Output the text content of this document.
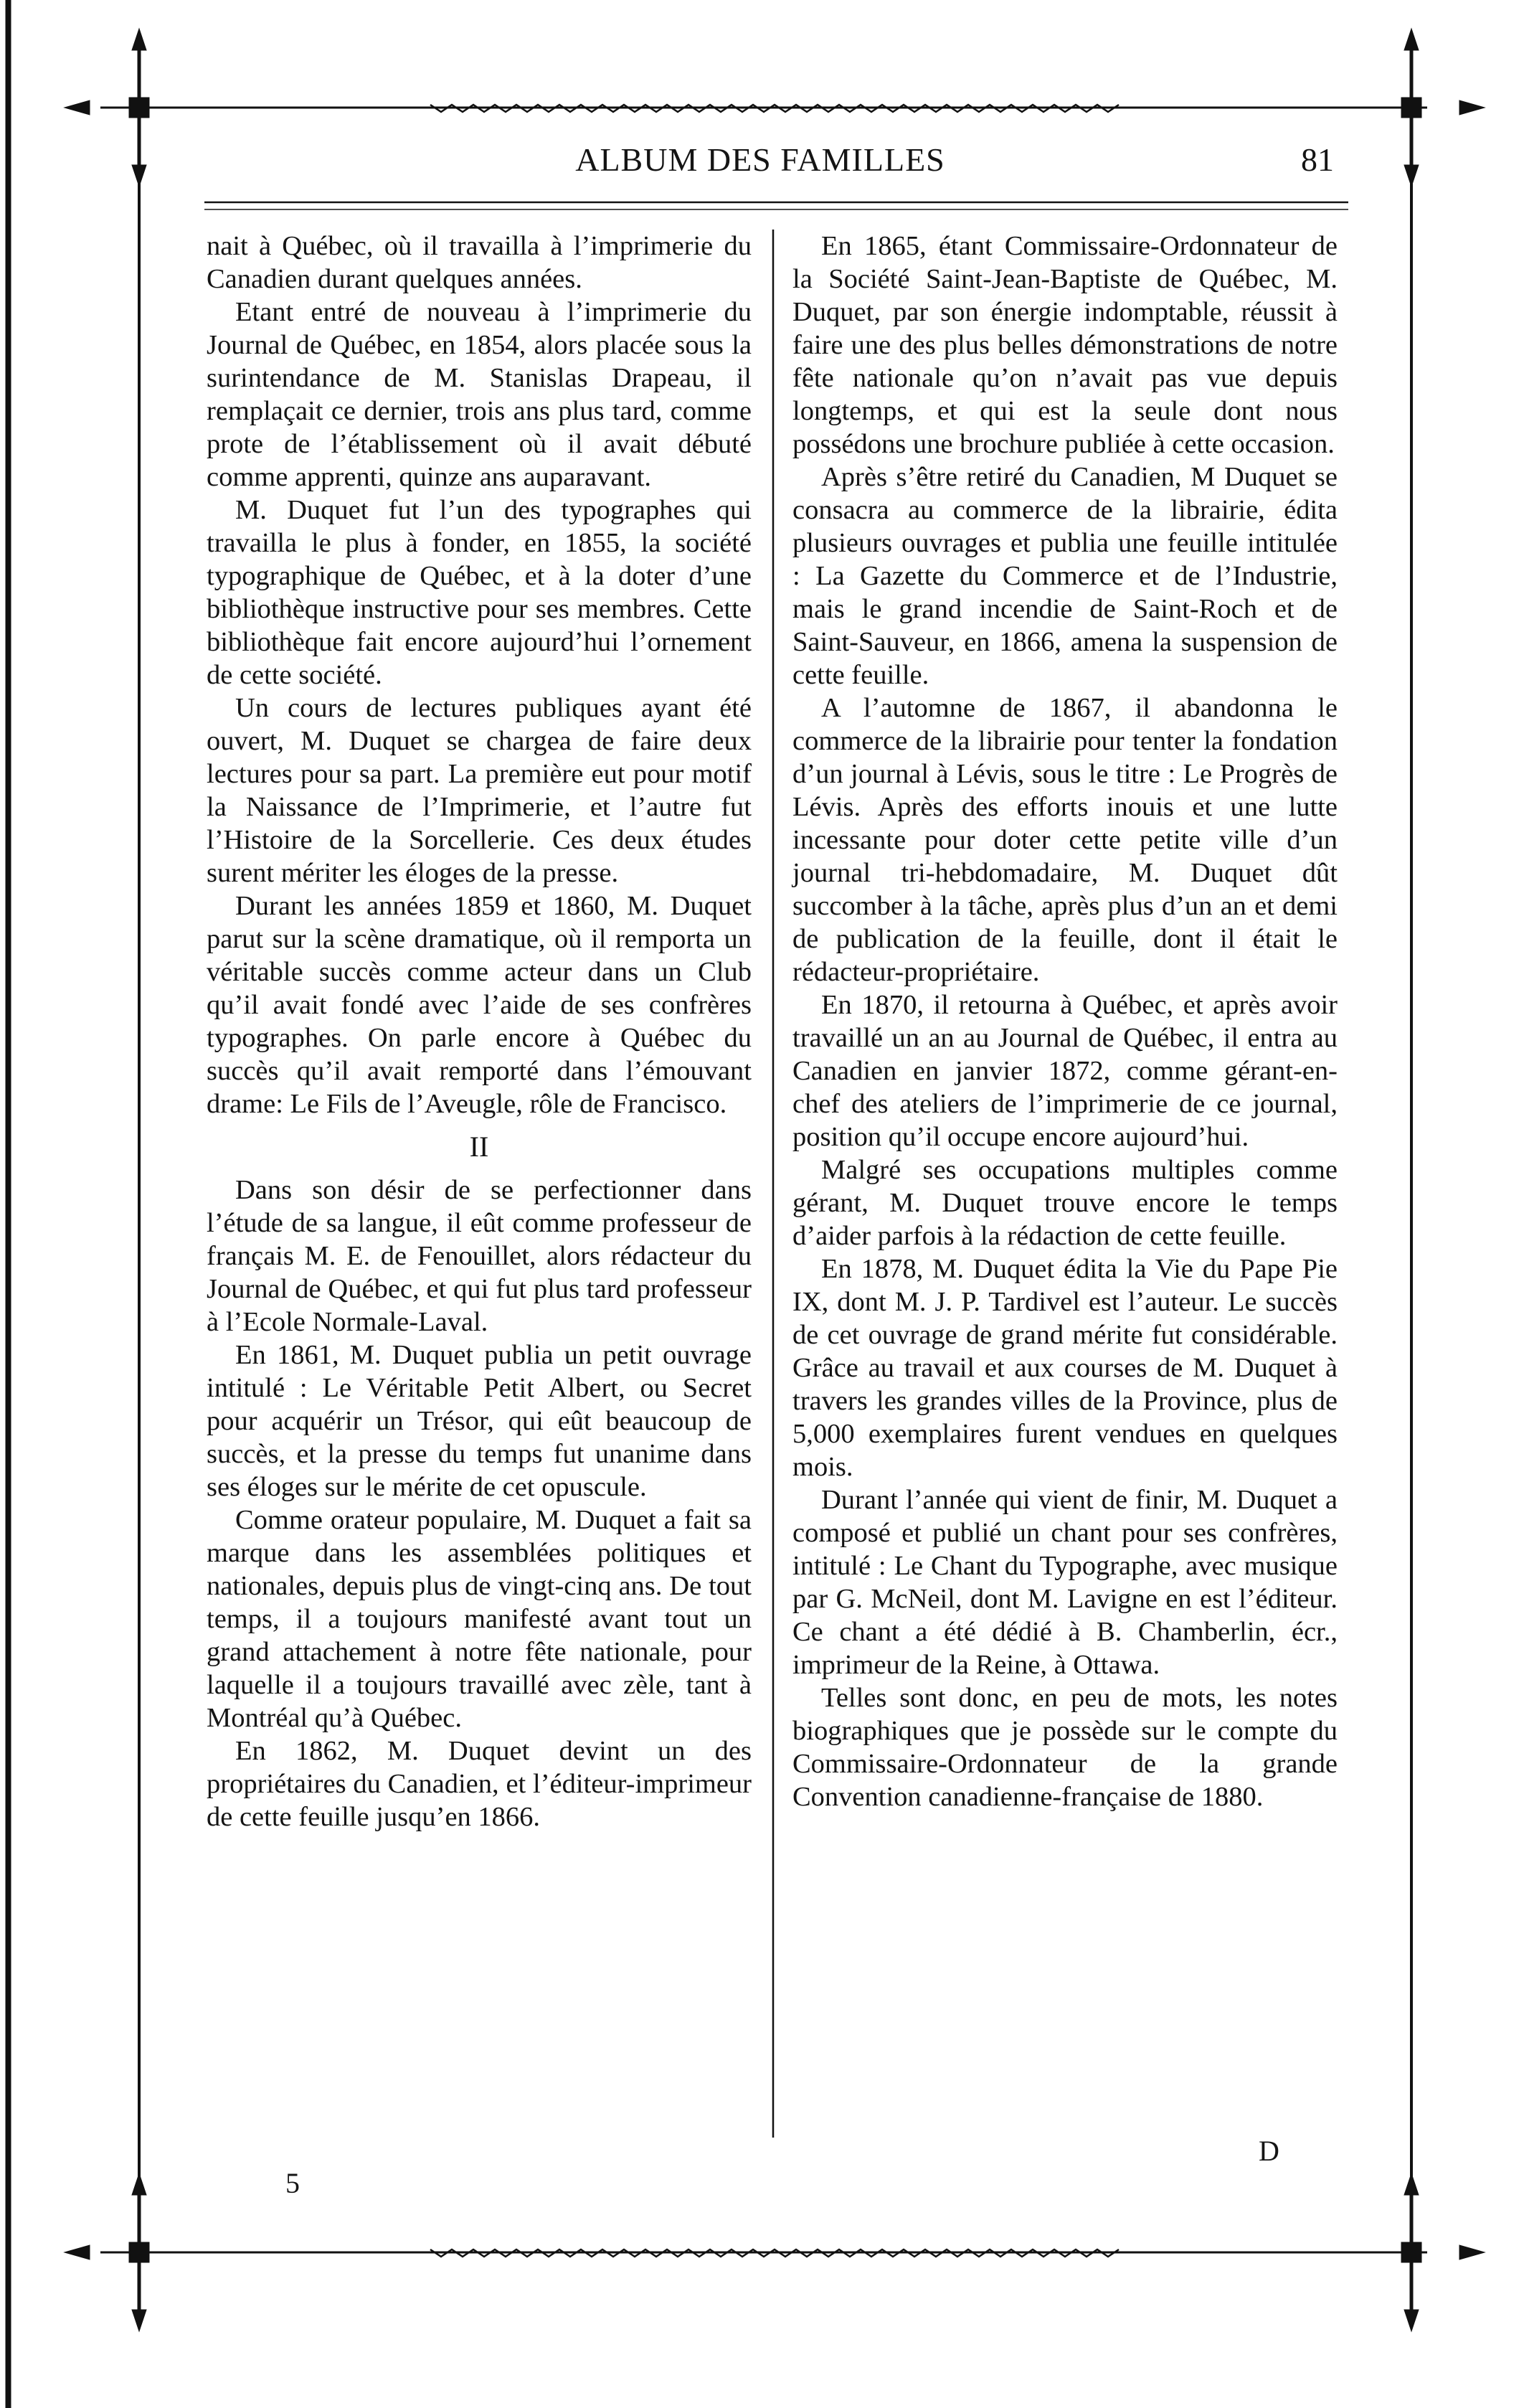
ALBUM DES FAMILLES	81

nait à Québec, où il travailla à l’imprimerie du Canadien durant quelques années.

Etant entré de nouveau à l’imprimerie du Journal de Québec, en 1854, alors placée sous la surintendance de M. Stanislas Drapeau, il remplaçait ce dernier, trois ans plus tard, comme prote de l’établissement où il avait débuté comme apprenti, quinze ans auparavant.

M. Duquet fut l’un des typographes qui travailla le plus à fonder, en 1855, la société typographique de Québec, et à la doter d’une bibliothèque instructive pour ses membres. Cette bibliothèque fait encore aujourd’hui l’ornement de cette société.

Un cours de lectures publiques ayant été ouvert, M. Duquet se chargea de faire deux lectures pour sa part. La première eut pour motif la Naissance de l’Imprimerie, et l’autre fut l’Histoire de la Sorcellerie. Ces deux études surent mériter les éloges de la presse.

Durant les années 1859 et 1860, M. Duquet parut sur la scène dramatique, où il remporta un véritable succès comme acteur dans un Club qu’il avait fondé avec l’aide de ses confrères typographes. On parle encore à Québec du succès qu’il avait remporté dans l’émouvant drame: Le Fils de l’Aveugle, rôle de Francisco.

II

Dans son désir de se perfectionner dans l’étude de sa langue, il eût comme professeur de français M. E. de Fenouillet, alors rédacteur du Journal de Québec, et qui fut plus tard professeur à l’Ecole Normale-Laval.

En 1861, M. Duquet publia un petit ouvrage intitulé : Le Véritable Petit Albert, ou Secret pour acquérir un Trésor, qui eût beaucoup de succès, et la presse du temps fut unanime dans ses éloges sur le mérite de cet opuscule.

Comme orateur populaire, M. Duquet a fait sa marque dans les assemblées politiques et nationales, depuis plus de vingt-cinq ans. De tout temps, il a toujours manifesté avant tout un grand attachement à notre fête nationale, pour laquelle il a toujours travaillé avec zèle, tant à Montréal qu’à Québec.

En 1862, M. Duquet devint un des propriétaires du Canadien, et l’éditeur-imprimeur de cette feuille jusqu’en 1866.

5

En 1865, étant Commissaire-Ordonnateur de la Société Saint-Jean-Baptiste de Québec, M. Duquet, par son énergie indomptable, réussit à faire une des plus belles démonstrations de notre fête nationale qu’on n’avait pas vue depuis longtemps, et qui est la seule dont nous possédons une brochure publiée à cette occasion.

Après s’être retiré du Canadien, M Duquet se consacra au commerce de la librairie, édita plusieurs ouvrages et publia une feuille intitulée : La Gazette du Commerce et de l’Industrie, mais le grand incendie de Saint-Roch et de Saint-Sauveur, en 1866, amena la suspension de cette feuille.

A l’automne de 1867, il abandonna le commerce de la librairie pour tenter la fondation d’un journal à Lévis, sous le titre : Le Progrès de Lévis. Après des efforts inouis et une lutte incessante pour doter cette petite ville d’un journal tri-hebdomadaire, M. Duquet dût succomber à la tâche, après plus d’un an et demi de publication de la feuille, dont il était le rédacteur-propriétaire.

En 1870, il retourna à Québec, et après avoir travaillé un an au Journal de Québec, il entra au Canadien en janvier 1872, comme gérant-en-chef des ateliers de l’imprimerie de ce journal, position qu’il occupe encore aujourd’hui.

Malgré ses occupations multiples comme gérant, M. Duquet trouve encore le temps d’aider parfois à la rédaction de cette feuille.

En 1878, M. Duquet édita la Vie du Pape Pie IX, dont M. J. P. Tardivel est l’auteur. Le succès de cet ouvrage de grand mérite fut considérable. Grâce au travail et aux courses de M. Duquet à travers les grandes villes de la Province, plus de 5,000 exemplaires furent vendues en quelques mois.

Durant l’année qui vient de finir, M. Duquet a composé et publié un chant pour ses confrères, intitulé : Le Chant du Typographe, avec musique par G. McNeil, dont M. Lavigne en est l’éditeur. Ce chant a été dédié à B. Chamberlin, écr., imprimeur de la Reine, à Ottawa.

Telles sont donc, en peu de mots, les notes biographiques que je possède sur le compte du Commissaire-Ordonnateur de la grande Convention canadienne-française de 1880.

D
